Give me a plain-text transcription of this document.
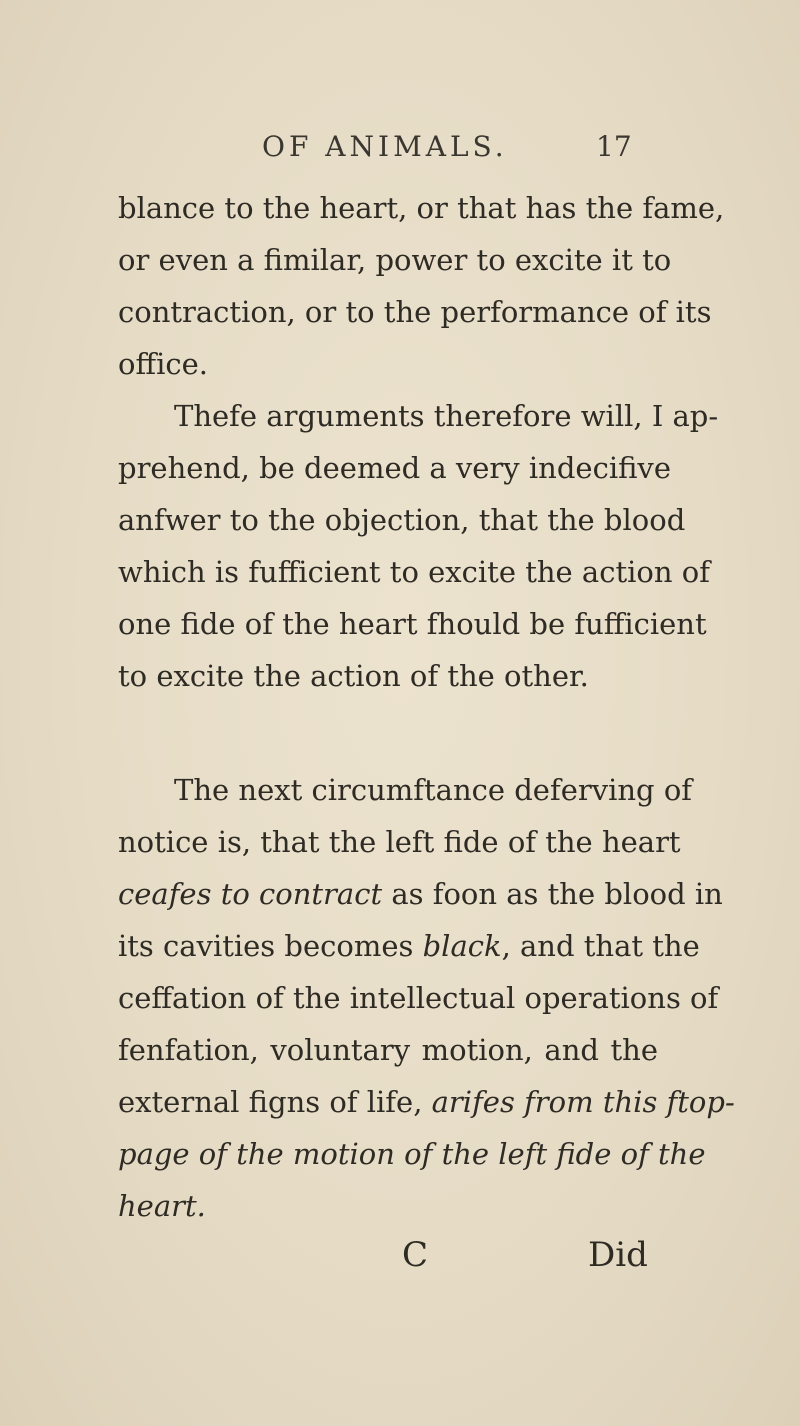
OF ANIMALS.	17
blance to the heart, or that has the fame,
or even a fimilar, power to excite it to
contraction, or to the performance of its
office.
Thefe arguments therefore will, I ap-
prehend, be deemed a very indecifive
anfwer to the objection, that the blood
which is fufficient to excite the action of
one fide of the heart fhould be fufficient
to excite the action of the other.
The next circumftance deferving of
notice is, that the left fide of the heart
ceafes to contract as foon as the blood in
its cavities becomes black, and that the
ceffation of the intellectual operations of
fenfation, voluntary motion, and the
external figns of life, arifes from this ftop-
page of the motion of the left fide of the
heart.
C	Did
